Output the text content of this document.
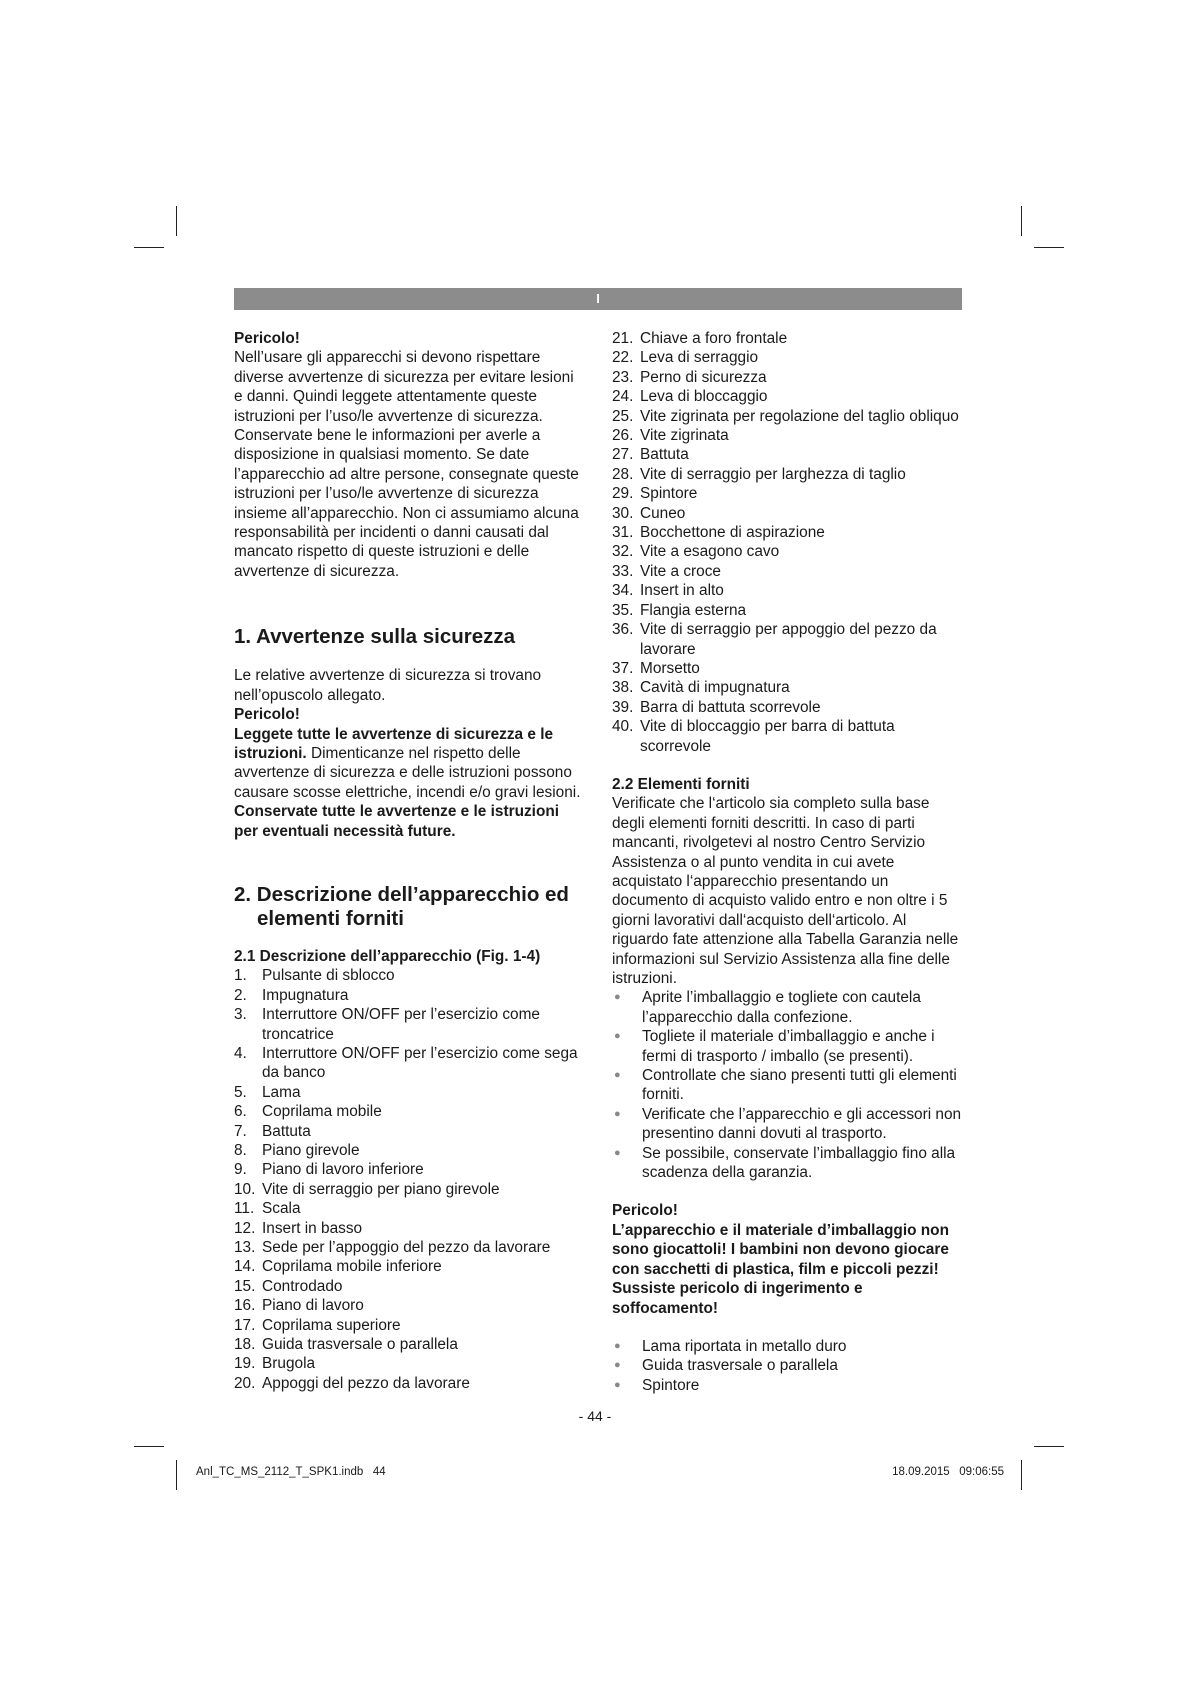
I

Pericolo!

Nell’usare gli apparecchi si devono rispettare diverse avvertenze di sicurezza per evitare lesioni e danni. Quindi leggete attentamente queste istruzioni per l’uso/le avvertenze di sicurezza. Conservate bene le informazioni per averle a disposizione in qualsiasi momento. Se date l’apparecchio ad altre persone, consegnate queste istruzioni per l’uso/le avvertenze di sicurezza insieme all’apparecchio. Non ci assumiamo alcuna responsabilità per incidenti o danni causati dal mancato rispetto di queste istruzioni e delle avvertenze di sicurezza.

1. Avvertenze sulla sicurezza

Le relative avvertenze di sicurezza si trovano nell’opuscolo allegato.

Pericolo!

Leggete tutte le avvertenze di sicurezza e le istruzioni. Dimenticanze nel rispetto delle avvertenze di sicurezza e delle istruzioni possono causare scosse elettriche, incendi e/o gravi lesioni.

Conservate tutte le avvertenze e le istruzioni per eventuali necessità future.

2. Descrizione dell’apparecchio ed elementi forniti
2.1 Descrizione dell’apparecchio (Fig. 1-4)
1. Pulsante di sblocco
2. Impugnatura
3. Interruttore ON/OFF per l’esercizio come troncatrice
4. Interruttore ON/OFF per l’esercizio come sega da banco
5. Lama
6. Coprilama mobile
7. Battuta
8. Piano girevole
9. Piano di lavoro inferiore
10. Vite di serraggio per piano girevole
11. Scala
12. Insert in basso
13. Sede per l’appoggio del pezzo da lavorare
14. Coprilama mobile inferiore
15. Controdado
16. Piano di lavoro
17. Coprilama superiore
18. Guida trasversale o parallela
19. Brugola
20. Appoggi del pezzo da lavorare
21. Chiave a foro frontale
22. Leva di serraggio
23. Perno di sicurezza
24. Leva di bloccaggio
25. Vite zigrinata per regolazione del taglio obliquo
26. Vite zigrinata
27. Battuta
28. Vite di serraggio per larghezza di taglio
29. Spintore
30. Cuneo
31. Bocchettone di aspirazione
32. Vite a esagono cavo
33. Vite a croce
34. Insert in alto
35. Flangia esterna
36. Vite di serraggio per appoggio del pezzo da lavorare
37. Morsetto
38. Cavità di impugnatura
39. Barra di battuta scorrevole
40. Vite di bloccaggio per barra di battuta scorrevole
2.2 Elementi forniti

Verificate che l‘articolo sia completo sulla base degli elementi forniti descritti. In caso di parti mancanti, rivolgetevi al nostro Centro Servizio Assistenza o al punto vendita in cui avete acquistato l‘apparecchio presentando un documento di acquisto valido entro e non oltre i 5 giorni lavorativi dall‘acquisto dell‘articolo. Al riguardo fate attenzione alla Tabella Garanzia nelle informazioni sul Servizio Assistenza alla fine delle istruzioni.

●	Aprite l’imballaggio e togliete con cautela l’apparecchio dalla confezione.
●	Togliete il materiale d’imballaggio e anche i fermi di trasporto / imballo (se presenti).
●	Controllate che siano presenti tutti gli elementi forniti.
●	Verificate che l’apparecchio e gli accessori non presentino danni dovuti al trasporto.
●	Se possibile, conservate l’imballaggio fino alla scadenza della garanzia.

Pericolo!

L’apparecchio e il materiale d’imballaggio non sono giocattoli! I bambini non devono giocare con sacchetti di plastica, film e piccoli pezzi! Sussiste pericolo di ingerimento e soffocamento!

●	Lama riportata in metallo duro
●	Guida trasversale o parallela
●	Spintore
- 44 -
Anl_TC_MS_2112_T_SPK1.indb   44	18.09.2015   09:06:55
